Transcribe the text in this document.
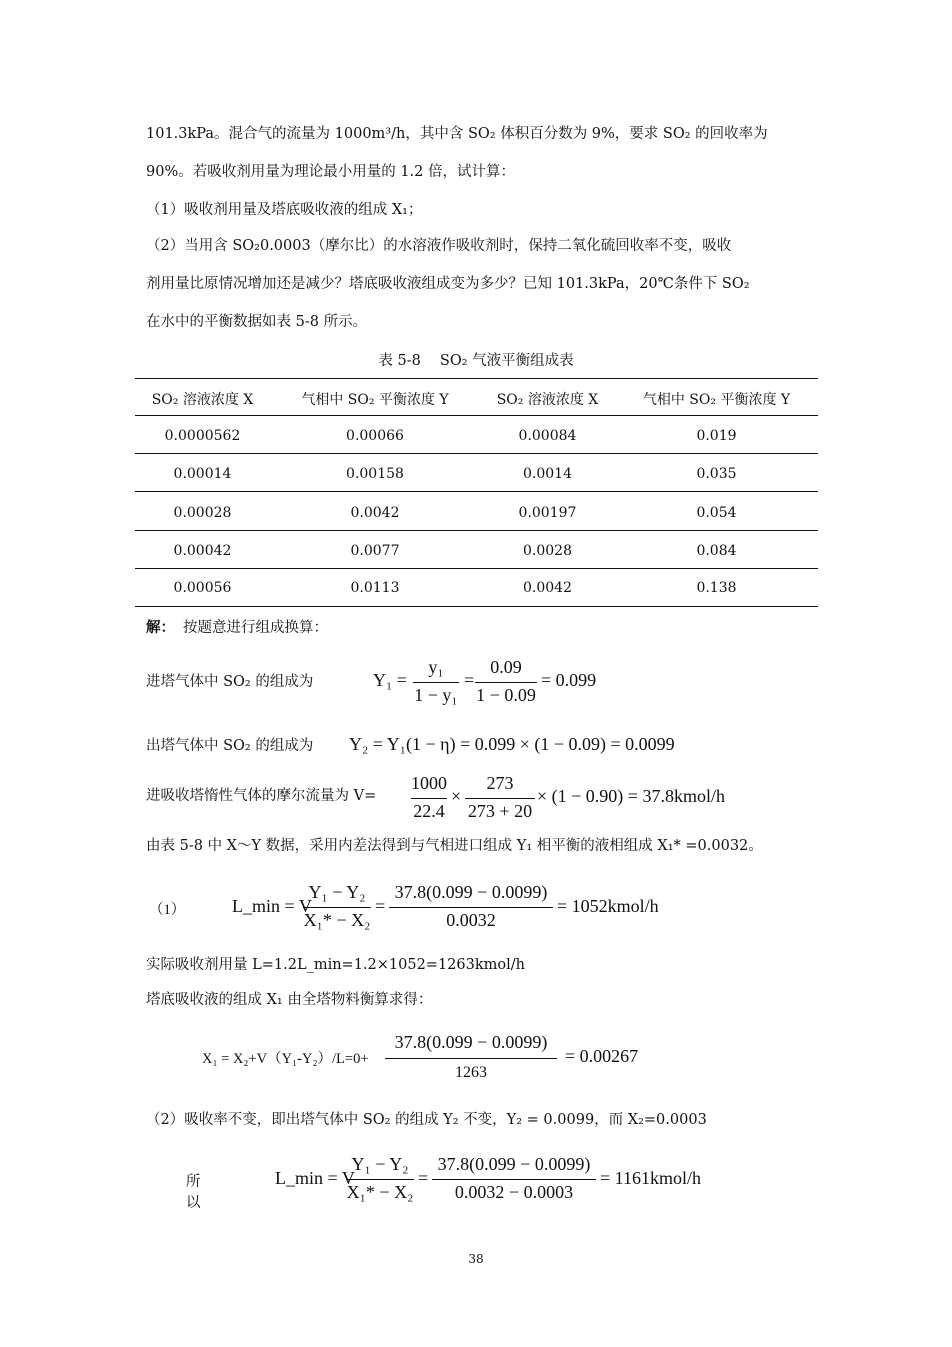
101.3kPa。混合气的流量为 1000m³/h，其中含 SO₂ 体积百分数为 9%，要求 SO₂ 的回收率为
90%。若吸收剂用量为理论最小用量的 1.2 倍，试计算：
（1）吸收剂用量及塔底吸收液的组成 X₁；
（2）当用含 SO₂0.0003（摩尔比）的水溶液作吸收剂时，保持二氧化硫回收率不变，吸收
剂用量比原情况增加还是减少？塔底吸收液组成变为多少？已知 101.3kPa，20℃条件下 SO₂
在水中的平衡数据如表 5-8 所示。
表 5-8　 SO₂ 气液平衡组成表
SO₂ 溶液浓度 X	气相中 SO₂ 平衡浓度 Y	SO₂ 溶液浓度 X	气相中 SO₂ 平衡浓度 Y
0.0000562	0.00066	0.00084	0.019
0.00014	0.00158	0.0014	0.035
0.00028	0.0042	0.00197	0.054
0.00042	0.0077	0.0028	0.084
0.00056	0.0113	0.0042	0.138
解： 按题意进行组成换算：
进塔气体中 SO₂ 的组成为	Y₁ =
y₁
1 − y₁
=
0.09
1 − 0.09
= 0.099
出塔气体中 SO₂ 的组成为 Y₂ = Y₁(1 − η) = 0.099 × (1 − 0.09) = 0.0099
进吸收塔惰性气体的摩尔流量为 V=
1000
22.4
×
273
273 + 20
× (1 − 0.90) = 37.8kmol/h
由表 5-8 中 X～Y 数据，采用内差法得到与气相进口组成 Y₁ 相平衡的液相组成 X₁* =0.0032。
（1）	L_min = V
Y₁ − Y₂
X₁* − X₂
=
37.8(0.099 − 0.0099)
0.0032
= 1052kmol/h
实际吸收剂用量 L=1.2L_min=1.2×1052=1263kmol/h
塔底吸收液的组成 X₁ 由全塔物料衡算求得：
X₁ = X₂+V（Y₁-Y₂）/L=0+
37.8(0.099 − 0.0099)
1263
= 0.00267
（2）吸收率不变，即出塔气体中 SO₂ 的组成 Y₂ 不变，Y₂ = 0.0099，而 X₂=0.0003
所以
L_min = V
Y₁ − Y₂
X₁* − X₂
=
37.8(0.099 − 0.0099)
0.0032 − 0.0003
= 1161kmol/h
38
